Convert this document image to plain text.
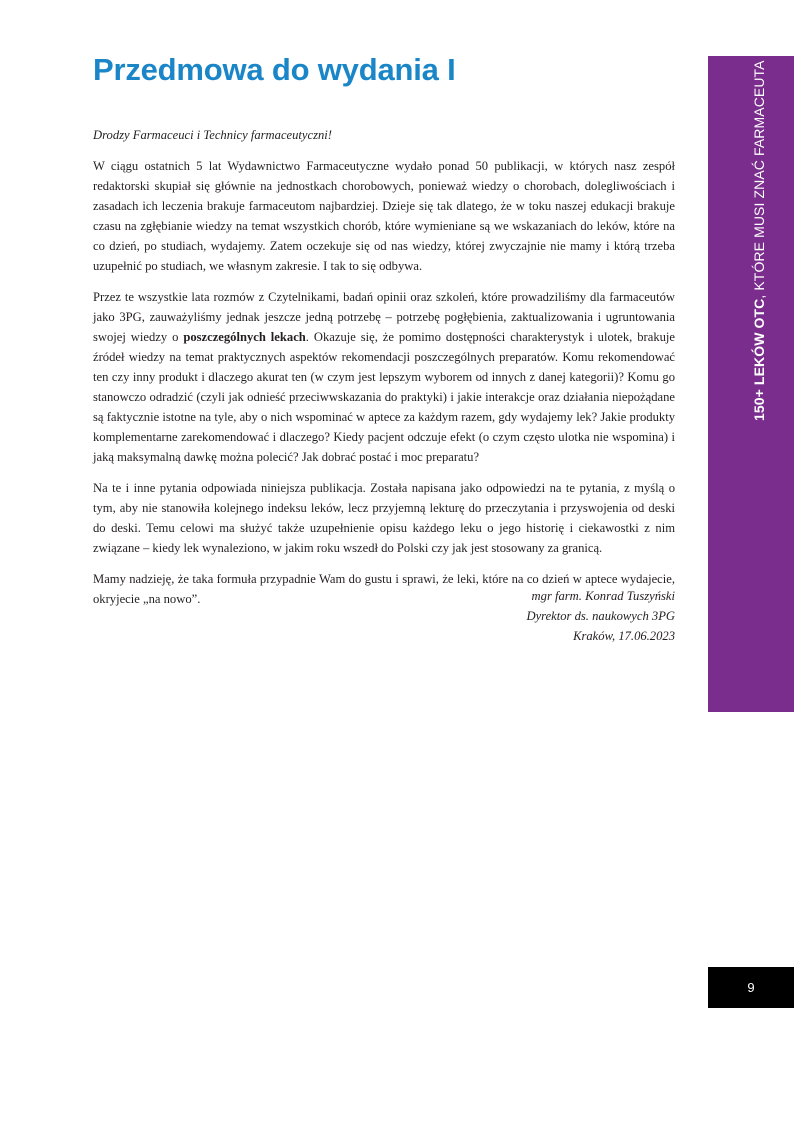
Przedmowa do wydania I

Drodzy Farmaceuci i Technicy farmaceutyczni!

W ciągu ostatnich 5 lat Wydawnictwo Farmaceutyczne wydało ponad 50 publikacji, w których nasz zespół redaktorski skupiał się głównie na jednostkach chorobowych, ponieważ wiedzy o chorobach, dolegliwościach i zasadach ich leczenia brakuje farmaceutom najbardziej. Dzieje się tak dlatego, że w toku naszej edukacji brakuje czasu na zgłębianie wiedzy na temat wszystkich chorób, które wymieniane są we wskazaniach do leków, które na co dzień, po studiach, wydajemy. Zatem oczekuje się od nas wiedzy, której zwyczajnie nie mamy i którą trzeba uzupełnić po studiach, we własnym zakresie. I tak to się odbywa.

Przez te wszystkie lata rozmów z Czytelnikami, badań opinii oraz szkoleń, które prowadziliśmy dla farmaceutów jako 3PG, zauważyliśmy jednak jeszcze jedną potrzebę – potrzebę pogłębienia, zaktualizowania i ugruntowania swojej wiedzy o poszczególnych lekach. Okazuje się, że pomimo dostępności charakterystyk i ulotek, brakuje źródeł wiedzy na temat praktycznych aspektów rekomendacji poszczególnych preparatów. Komu rekomendować ten czy inny produkt i dlaczego akurat ten (w czym jest lepszym wyborem od innych z danej kategorii)? Komu go stanowczo odradzić (czyli jak odnieść przeciwwskazania do praktyki) i jakie interakcje oraz działania niepożądane są faktycznie istotne na tyle, aby o nich wspominać w aptece za każdym razem, gdy wydajemy lek? Jakie produkty komplementarne zarekomendować i dlaczego? Kiedy pacjent odczuje efekt (o czym często ulotka nie wspomina) i jaką maksymalną dawkę można polecić? Jak dobrać postać i moc preparatu?

Na te i inne pytania odpowiada niniejsza publikacja. Została napisana jako odpowiedzi na te pytania, z myślą o tym, aby nie stanowiła kolejnego indeksu leków, lecz przyjemną lekturę do przeczytania i przyswojenia od deski do deski. Temu celowi ma służyć także uzupełnienie opisu każdego leku o jego historię i ciekawostki z nim związane – kiedy lek wynaleziono, w jakim roku wszedł do Polski czy jak jest stosowany za granicą.

Mamy nadzieję, że taka formuła przypadnie Wam do gustu i sprawi, że leki, które na co dzień w aptece wydajecie, okryjecie „na nowo”.	mgr farm. Konrad Tuszyński
Dyrektor ds. naukowych 3PG
Kraków, 17.06.2023
150+ LEKÓW OTC, KTÓRE MUSI ZNAĆ FARMACEUTA
9
